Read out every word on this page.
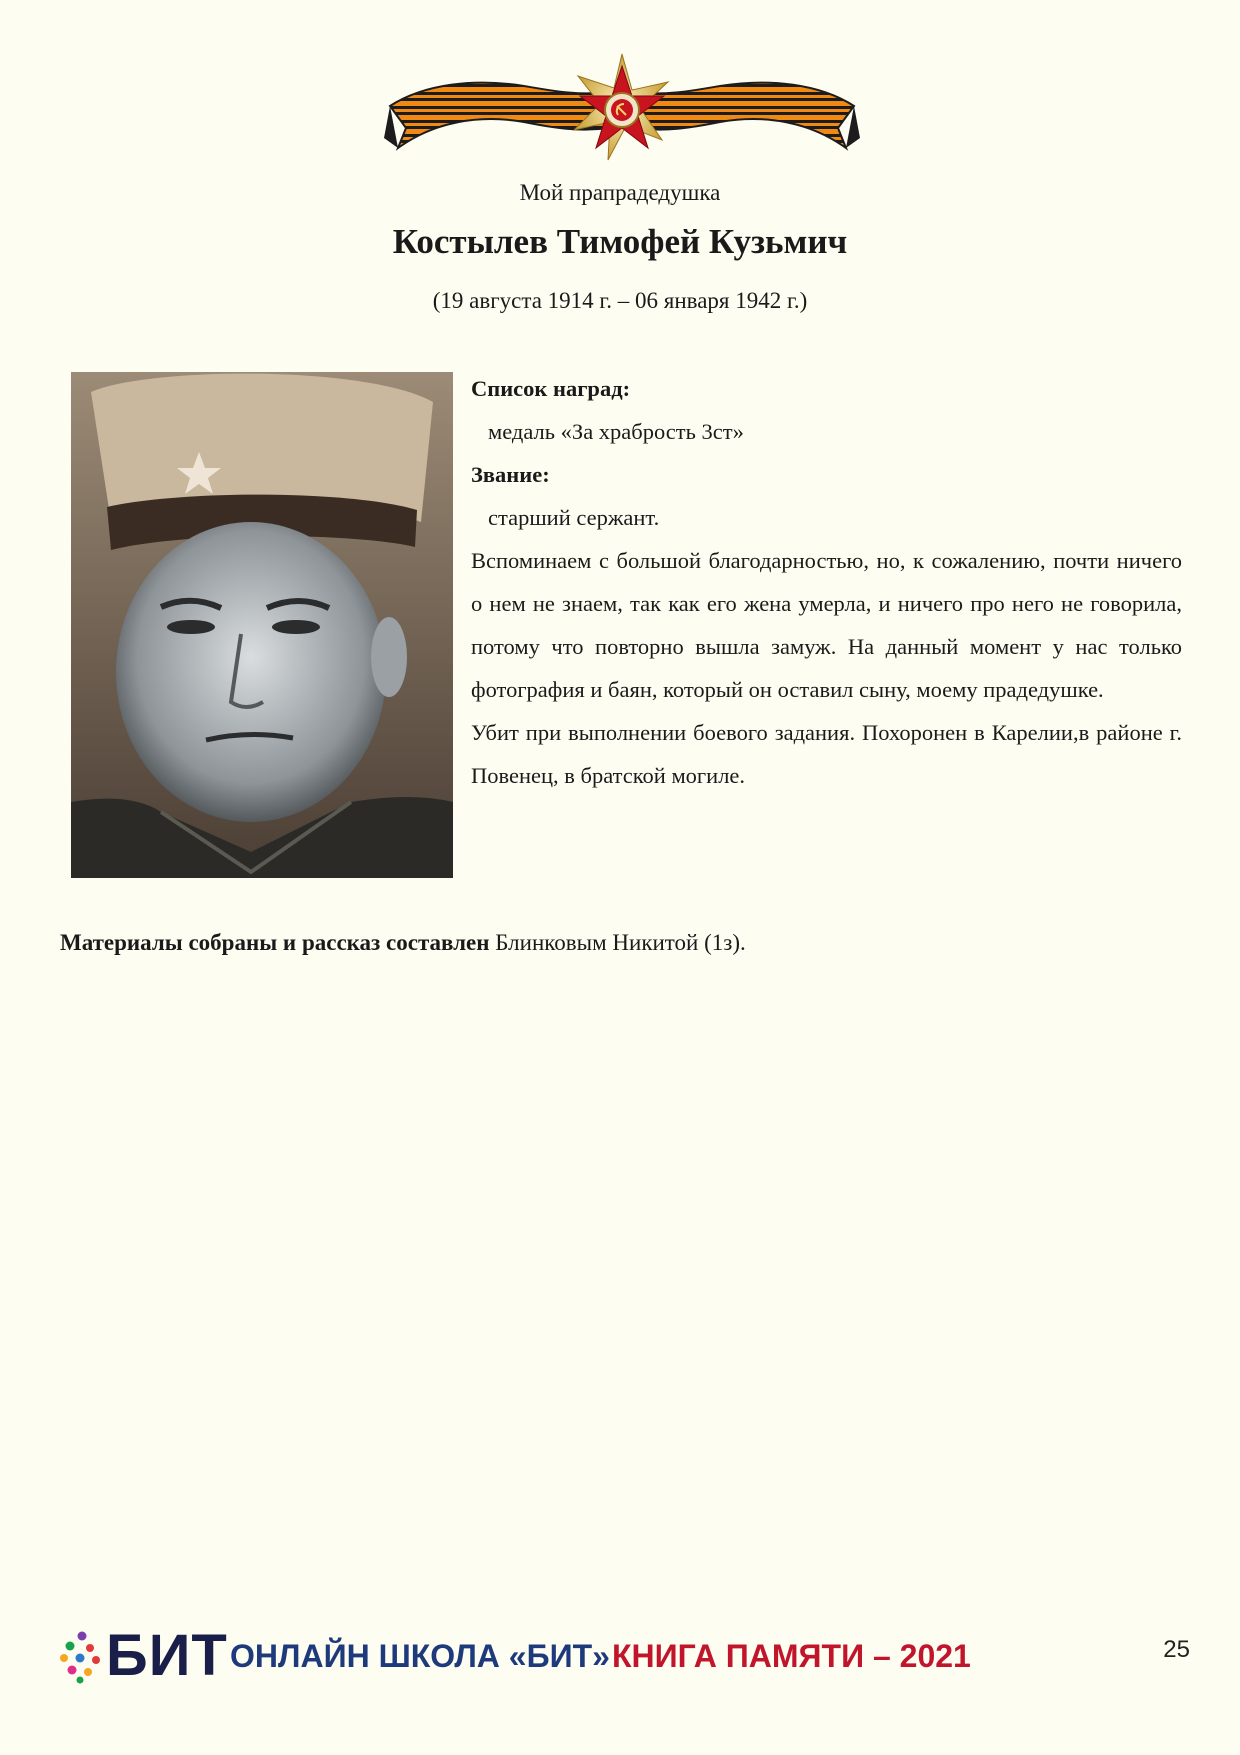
Мой прапрадедушка
Костылев Тимофей Кузьмич
(19 августа 1914 г. – 06 января 1942 г.)
Список наград:
медаль «За храбрость 3ст»
Звание:
старший сержант.

Вспоминаем с большой благодарностью, но, к сожалению, почти ничего о нем не знаем, так как его жена умерла, и ничего про него не говорила, потому что повторно вышла замуж. На данный момент у нас только фотография и баян, который он оставил сыну, моему прадедушке.

Убит при выполнении боевого задания. Похоронен в Карелии,в районе г. Повенец, в братской могиле.

Материалы собраны и рассказ составлен Блинковым Никитой (1з).
БИТ ОНЛАЙН ШКОЛА «БИТ» КНИГА ПАМЯТИ – 2021	25
